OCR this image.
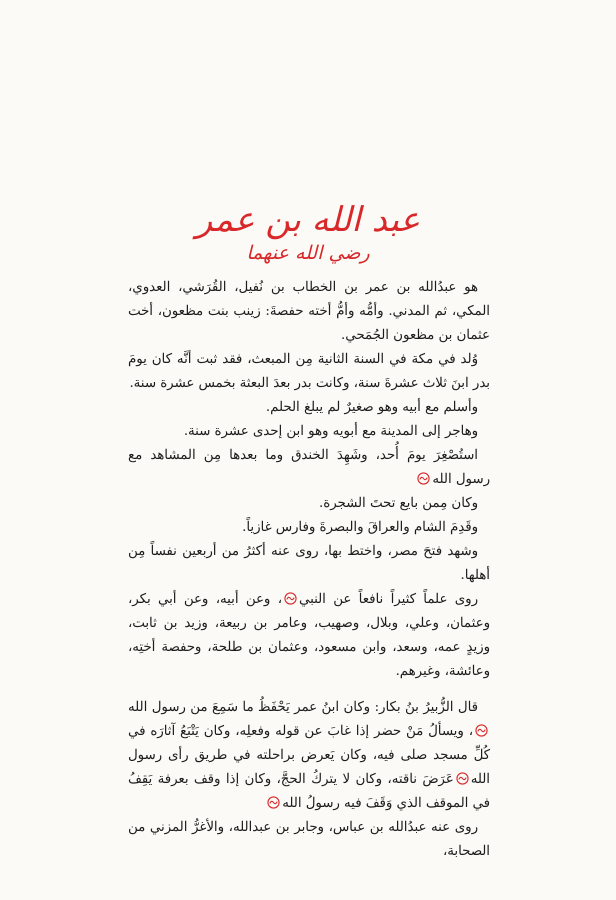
عبد الله بن عمر
رضي الله عنهما

هو عبدُالله بن عمر بن الخطاب بن نُفيل، القُرَشي، العدوي، المكي، ثم المدني. وأمُّه وأمُّ أخته حفصةَ: زينب بنت مظعون، أخت عثمان بن مظعون الجُمَحي.

وُلد في مكة في السنة الثانية مِن المبعث، فقد ثبت أنَّه كان يومَ بدر ابنَ ثلاث عشرةَ سنة، وكانت بدر بعدَ البعثة بخمس عشرة سنة.

وأسلم مع أبيه وهو صغيرٌ لم يبلغ الحلم.

وهاجر إلى المدينة مع أبويه وهو ابن إحدى عشرة سنة.

استُصْغِرَ يومَ أُحد، وشَهِدَ الخندق وما بعدها مِن المشاهد مع رسول الله

وكان مِمن بايع تحتَ الشجرة.

وقَدِمَ الشام والعراقَ والبصرةَ وفارس غازياً.

وشهد فتحَ مصر، واختط بها، روى عنه أكثرُ من أربعين نفساً مِن أهلها.

روى علماً كثيراً نافعاً عن النبي، وعن أبيه، وعن أبي بكر، وعثمان، وعلي، وبلال، وصهيب، وعامر بن ربيعة، وزيد بن ثابت، وزيدٍ عمه، وسعد، وابن مسعود، وعثمان بن طلحة، وحفصة أختِه، وعائشة، وغيرهم.

قال الزُّبيرُ بنُ بكار: وكان ابنُ عمر يَحْفَظُ ما سَمِعَ من رسول الله، ويسألُ مَنْ حضر إذا غابَ عن قوله وفعلِه، وكان يَتْبَعُ آثارَه في كُلِّ مسجد صلى فيه، وكان يَعرض براحلته في طريق رأى رسول اللهعَرَضَ ناقته، وكان لا يتركُ الحجَّ، وكان إذا وقف بعرفة يَقِفُ في الموقف الذي وَقَفَ فيه رسولُ الله

روى عنه عبدُالله بن عباس، وجابر بن عبدالله، والأغرُّ المزني من الصحابة،
